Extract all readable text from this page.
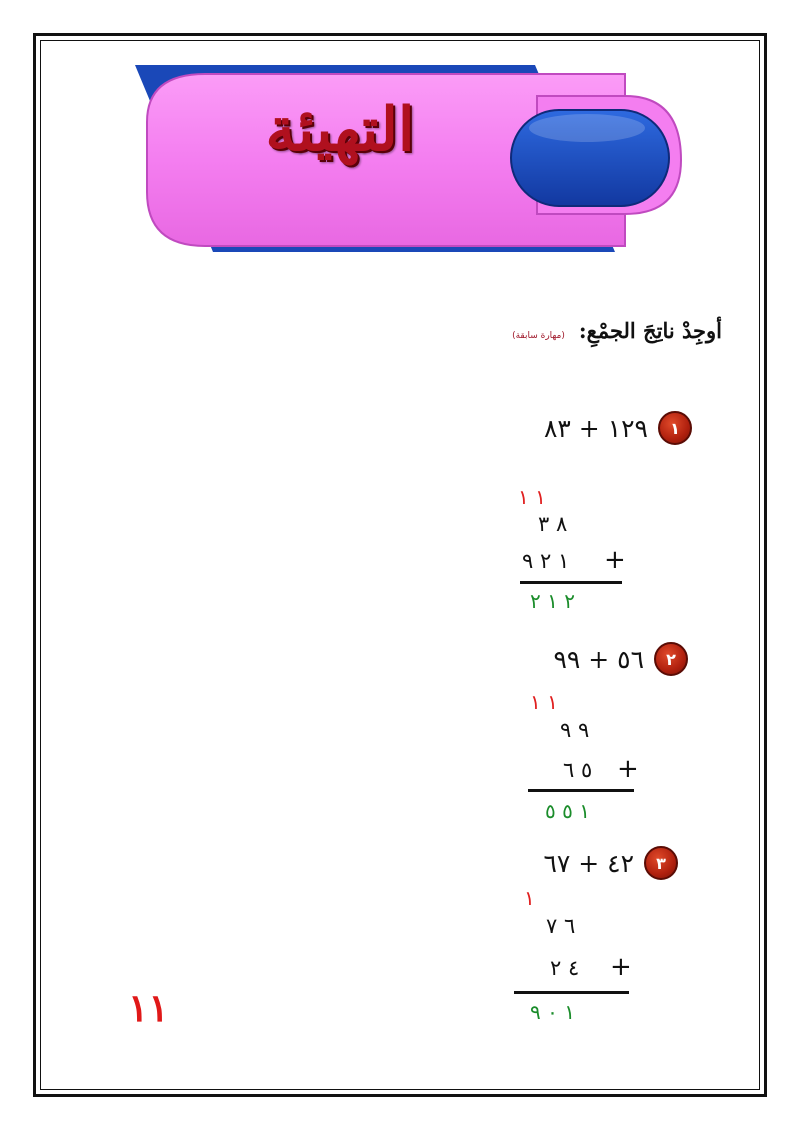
التهيئة
أوجِدْ ناتِجَ الجمْعِ:
(مهارة سابقة)
١
١٢٩ + ٨٣
١ ١
٨ ٣
١ ٢ ٩ +
٢ ١ ٢
٢
٥٦ + ٩٩
١ ١
٩ ٩
٥ ٦ +
١ ٥ ٥
٣
٤٢ + ٦٧
١
٦ ٧
٤ ٢ +
١ ٠ ٩
١١
